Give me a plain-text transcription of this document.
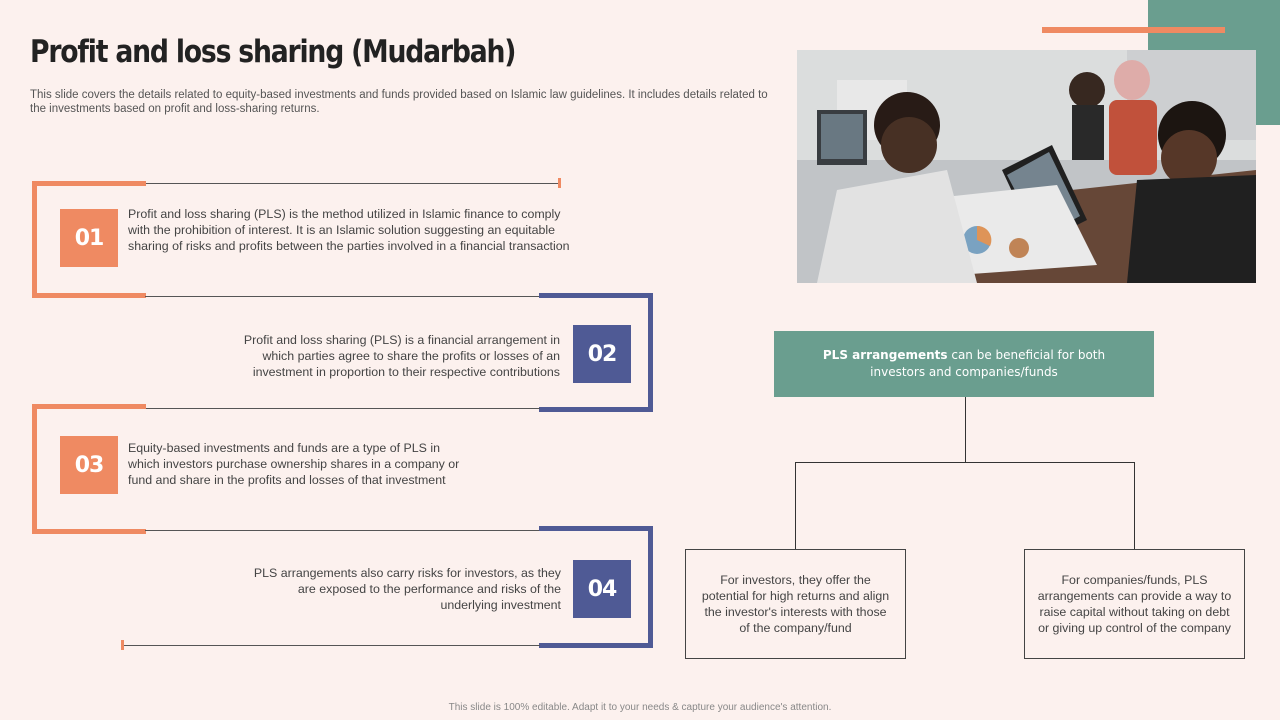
Profit and loss sharing (Mudarbah)
This slide covers the details related to equity-based investments and funds provided based on Islamic law guidelines. It includes details related to the investments based on profit and loss-sharing returns.
01
Profit and loss sharing (PLS) is the method utilized in Islamic finance to comply with the prohibition of interest. It is an Islamic solution suggesting an equitable sharing of risks and profits between the parties involved in a financial transaction
02
Profit and loss sharing (PLS) is a financial arrangement in which parties agree to share the profits or losses of an investment in proportion to their respective contributions
03
Equity-based investments and funds are a type of PLS in which investors purchase ownership shares in a company or fund and share in the profits and losses of that investment
04
PLS arrangements also carry risks for investors, as they are exposed to the performance and risks of the underlying investment
PLS arrangements can be beneficial for both investors and companies/funds
For investors, they offer the potential for high returns and align the investor's interests with those of the company/fund
For companies/funds, PLS arrangements can provide a way to raise capital without taking on debt or giving up control of the company
This slide is 100% editable. Adapt it to your needs & capture your audience's attention.
